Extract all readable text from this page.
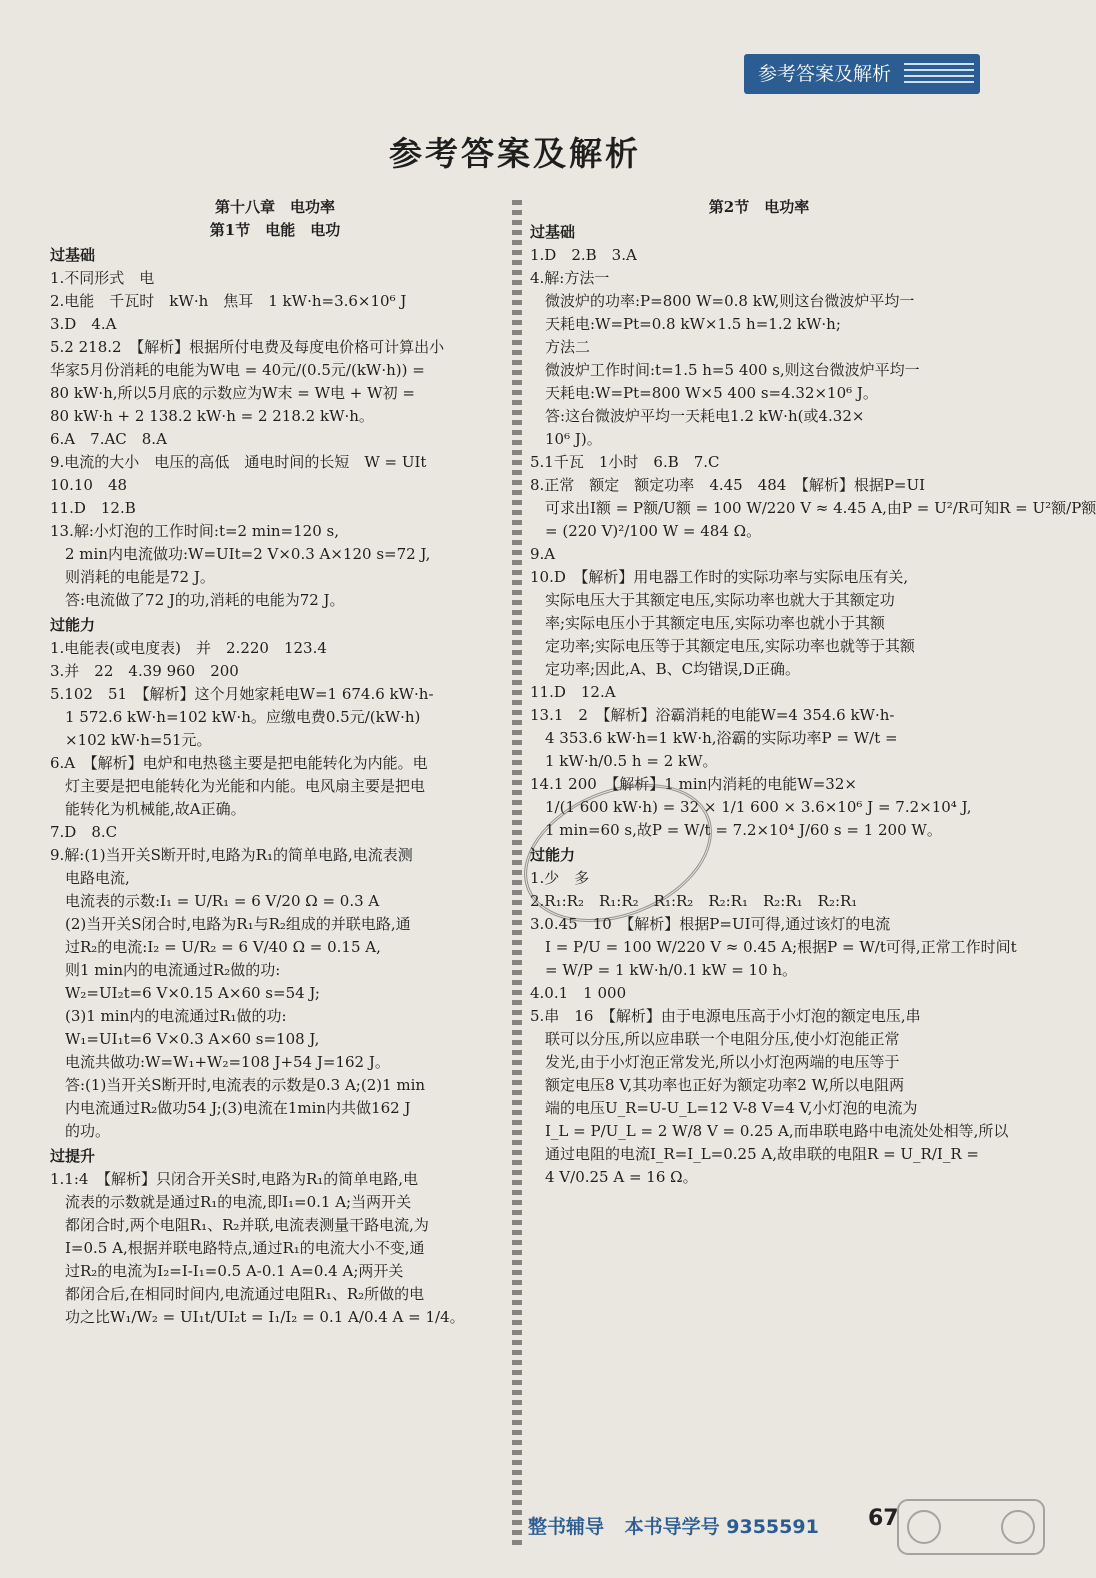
参考答案及解析
参考答案及解析
第十八章　电功率
第1节　电能　电功
过基础
1.不同形式　电
2.电能　千瓦时　kW·h　焦耳　1 kW·h=3.6×10⁶ J
3.D　4.A
5.2 218.2　【解析】根据所付电费及每度电价格可计算出小
华家5月份消耗的电能为W电 = 40元/(0.5元/(kW·h)) =
80 kW·h,所以5月底的示数应为W末 = W电 + W初 =
80 kW·h + 2 138.2 kW·h = 2 218.2 kW·h。
6.A　7.AC　8.A
9.电流的大小　电压的高低　通电时间的长短　W = UIt
10.10　48
11.D　12.B
13.解:小灯泡的工作时间:t=2 min=120 s,
　2 min内电流做功:W=UIt=2 V×0.3 A×120 s=72 J,
　则消耗的电能是72 J。
　答:电流做了72 J的功,消耗的电能为72 J。
过能力
1.电能表(或电度表)　并　2.220　123.4
3.并　22　4.39 960　200
5.102　51　【解析】这个月她家耗电W=1 674.6 kW·h-
　1 572.6 kW·h=102 kW·h。应缴电费0.5元/(kW·h)
　×102 kW·h=51元。
6.A　【解析】电炉和电热毯主要是把电能转化为内能。电
　灯主要是把电能转化为光能和内能。电风扇主要是把电
　能转化为机械能,故A正确。
7.D　8.C
9.解:(1)当开关S断开时,电路为R₁的简单电路,电流表测
　电路电流,
　电流表的示数:I₁ = U/R₁ = 6 V/20 Ω = 0.3 A
　(2)当开关S闭合时,电路为R₁与R₂组成的并联电路,通
　过R₂的电流:I₂ = U/R₂ = 6 V/40 Ω = 0.15 A,
　则1 min内的电流通过R₂做的功:
　W₂=UI₂t=6 V×0.15 A×60 s=54 J;
　(3)1 min内的电流通过R₁做的功:
　W₁=UI₁t=6 V×0.3 A×60 s=108 J,
　电流共做功:W=W₁+W₂=108 J+54 J=162 J。
　答:(1)当开关S断开时,电流表的示数是0.3 A;(2)1 min
　内电流通过R₂做功54 J;(3)电流在1min内共做162 J
　的功。
过提升
1.1:4　【解析】只闭合开关S时,电路为R₁的简单电路,电
　流表的示数就是通过R₁的电流,即I₁=0.1 A;当两开关
　都闭合时,两个电阻R₁、R₂并联,电流表测量干路电流,为
　I=0.5 A,根据并联电路特点,通过R₁的电流大小不变,通
　过R₂的电流为I₂=I-I₁=0.5 A-0.1 A=0.4 A;两开关
　都闭合后,在相同时间内,电流通过电阻R₁、R₂所做的电
　功之比W₁/W₂ = UI₁t/UI₂t = I₁/I₂ = 0.1 A/0.4 A = 1/4。
第2节　电功率
过基础
1.D　2.B　3.A
4.解:方法一
　微波炉的功率:P=800 W=0.8 kW,则这台微波炉平均一
　天耗电:W=Pt=0.8 kW×1.5 h=1.2 kW·h;
　方法二
　微波炉工作时间:t=1.5 h=5 400 s,则这台微波炉平均一
　天耗电:W=Pt=800 W×5 400 s=4.32×10⁶ J。
　答:这台微波炉平均一天耗电1.2 kW·h(或4.32×
　10⁶ J)。
5.1千瓦　1小时　6.B　7.C
8.正常　额定　额定功率　4.45　484　【解析】根据P=UI
　可求出I额 = P额/U额 = 100 W/220 V ≈ 4.45 A,由P = U²/R可知R = U²额/P额
　= (220 V)²/100 W = 484 Ω。
9.A
10.D　【解析】用电器工作时的实际功率与实际电压有关,
　实际电压大于其额定电压,实际功率也就大于其额定功
　率;实际电压小于其额定电压,实际功率也就小于其额
　定功率;实际电压等于其额定电压,实际功率也就等于其额
　定功率;因此,A、B、C均错误,D正确。
11.D　12.A
13.1　2　【解析】浴霸消耗的电能W=4 354.6 kW·h-
　4 353.6 kW·h=1 kW·h,浴霸的实际功率P = W/t =
　1 kW·h/0.5 h = 2 kW。
14.1 200　【解析】1 min内消耗的电能W=32×
　1/(1 600 kW·h) = 32 × 1/1 600 × 3.6×10⁶ J = 7.2×10⁴ J,
　1 min=60 s,故P = W/t = 7.2×10⁴ J/60 s = 1 200 W。
过能力
1.少　多
2.R₁:R₂　R₁:R₂　R₁:R₂　R₂:R₁　R₂:R₁　R₂:R₁
3.0.45　10　【解析】根据P=UI可得,通过该灯的电流
　I = P/U = 100 W/220 V ≈ 0.45 A;根据P = W/t可得,正常工作时间t
　= W/P = 1 kW·h/0.1 kW = 10 h。
4.0.1　1 000
5.串　16　【解析】由于电源电压高于小灯泡的额定电压,串
　联可以分压,所以应串联一个电阻分压,使小灯泡能正常
　发光,由于小灯泡正常发光,所以小灯泡两端的电压等于
　额定电压8 V,其功率也正好为额定功率2 W,所以电阻两
　端的电压U_R=U-U_L=12 V-8 V=4 V,小灯泡的电流为
　I_L = P/U_L = 2 W/8 V = 0.25 A,而串联电路中电流处处相等,所以
　通过电阻的电流I_R=I_L=0.25 A,故串联的电阻R = U_R/I_R =
　4 V/0.25 A = 16 Ω。
整书辅导 本书导学号 9355591	67
